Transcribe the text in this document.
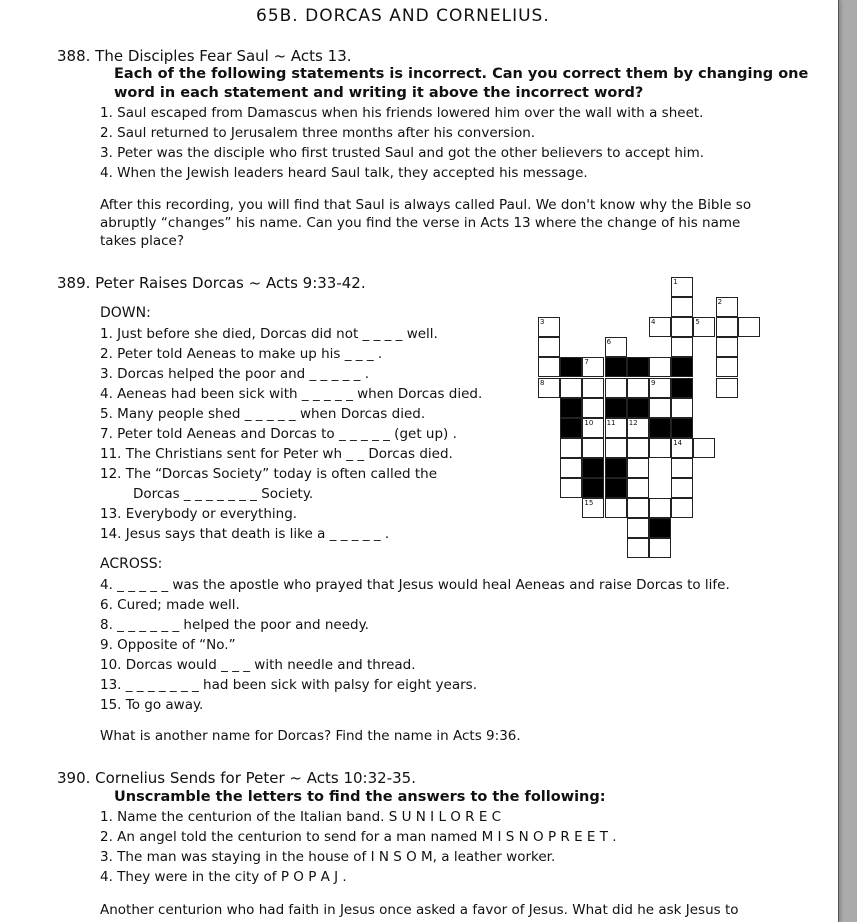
65B. DORCAS AND CORNELIUS.
388. The Disciples Fear Saul ~ Acts 13.
Each of the following statements is incorrect. Can you correct them by changing one
word in each statement and writing it above the incorrect word?
1. Saul escaped from Damascus when his friends lowered him over the wall with a sheet.
2. Saul returned to Jerusalem three months after his conversion.
3. Peter was the disciple who first trusted Saul and got the other believers to accept him.
4. When the Jewish leaders heard Saul talk, they accepted his message.
After this recording, you will find that Saul is always called Paul. We don't know why the Bible so
abruptly “changes” his name. Can you find the verse in Acts 13 where the change of his name
takes place?
389. Peter Raises Dorcas ~ Acts 9:33-42.
DOWN:
1. Just before she died, Dorcas did not _ _ _ _ well.
2. Peter told Aeneas to make up his _ _ _ .
3. Dorcas helped the poor and _ _ _ _ _ .
4. Aeneas had been sick with _ _ _ _ _ when Dorcas died.
5. Many people shed _ _ _ _ _ when Dorcas died.
7. Peter told Aeneas and Dorcas to _ _ _ _ _ (get up) .
11. The Christians sent for Peter wh _ _ Dorcas died.
12. The “Dorcas Society” today is often called the
Dorcas _ _ _ _ _ _ _ Society.
13. Everybody or everything.
14. Jesus says that death is like a _ _ _ _ _ .
ACROSS:
4. _ _ _ _ _ was the apostle who prayed that Jesus would heal Aeneas and raise Dorcas to life.
6. Cured; made well.
8. _ _ _ _ _ _ helped the poor and needy.
9. Opposite of “No.”
10. Dorcas would _ _ _ with needle and thread.
13. _ _ _ _ _ _ _ had been sick with palsy for eight years.
15. To go away.
What is another name for Dorcas? Find the name in Acts 9:36.
1
2
3	4	5
6
7
8	9
10 11 12
14
15
390. Cornelius Sends for Peter ~ Acts 10:32-35.
Unscramble the letters to find the answers to the following:
1. Name the centurion of the Italian band. S U N I L O R E C
2. An angel told the centurion to send for a man named M I S N O P R E E T .
3. The man was staying in the house of I N S O M, a leather worker.
4. They were in the city of P O P A J .
Another centurion who had faith in Jesus once asked a favor of Jesus. What did he ask Jesus to
